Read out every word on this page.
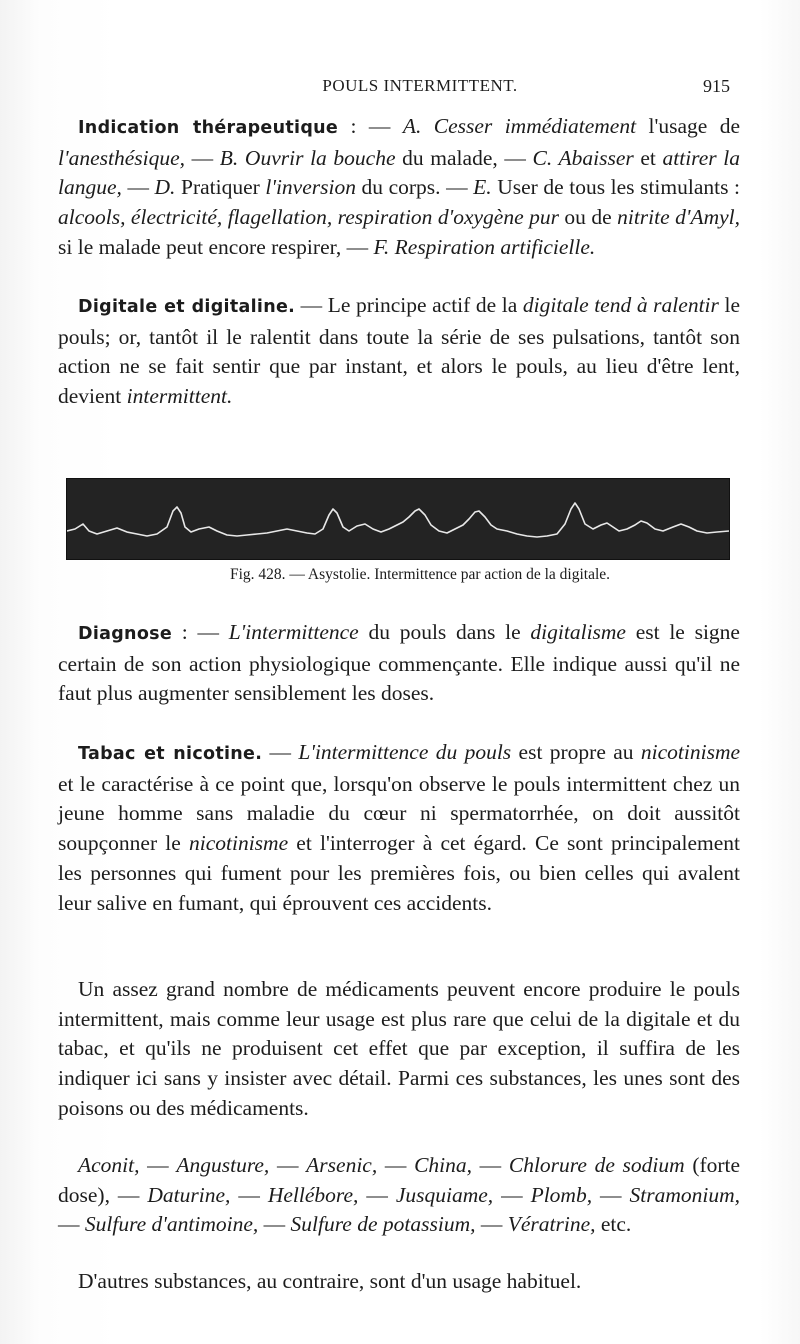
POULS INTERMITTENT.	915

Indication thérapeutique : — A. Cesser immédiatement l'usage de l'anesthésique, — B. Ouvrir la bouche du malade, — C. Abaisser et attirer la langue, — D. Pratiquer l'inversion du corps. — E. User de tous les stimulants : alcools, électricité, flagellation, respiration d'oxygène pur ou de nitrite d'Amyl, si le malade peut encore respirer, — F. Respiration artificielle.

Digitale et digitaline. — Le principe actif de la digitale tend à ralentir le pouls; or, tantôt il le ralentit dans toute la série de ses pulsations, tantôt son action ne se fait sentir que par instant, et alors le pouls, au lieu d'être lent, devient intermittent.

Fig. 428. — Asystolie. Intermittence par action de la digitale.

Diagnose : — L'intermittence du pouls dans le digitalisme est le signe certain de son action physiologique commençante. Elle indique aussi qu'il ne faut plus augmenter sensiblement les doses.

Tabac et nicotine. — L'intermittence du pouls est propre au nicotinisme et le caractérise à ce point que, lorsqu'on observe le pouls intermittent chez un jeune homme sans maladie du cœur ni spermatorrhée, on doit aussitôt soupçonner le nicotinisme et l'interroger à cet égard. Ce sont principalement les personnes qui fument pour les premières fois, ou bien celles qui avalent leur salive en fumant, qui éprouvent ces accidents.

Un assez grand nombre de médicaments peuvent encore produire le pouls intermittent, mais comme leur usage est plus rare que celui de la digitale et du tabac, et qu'ils ne produisent cet effet que par exception, il suffira de les indiquer ici sans y insister avec détail. Parmi ces substances, les unes sont des poisons ou des médicaments.

Aconit, — Angusture, — Arsenic, — China, — Chlorure de sodium (forte dose), — Daturine, — Hellébore, — Jusquiame, — Plomb, — Stramonium, — Sulfure d'antimoine, — Sulfure de potassium, — Vératrine, etc.

D'autres substances, au contraire, sont d'un usage habituel.
